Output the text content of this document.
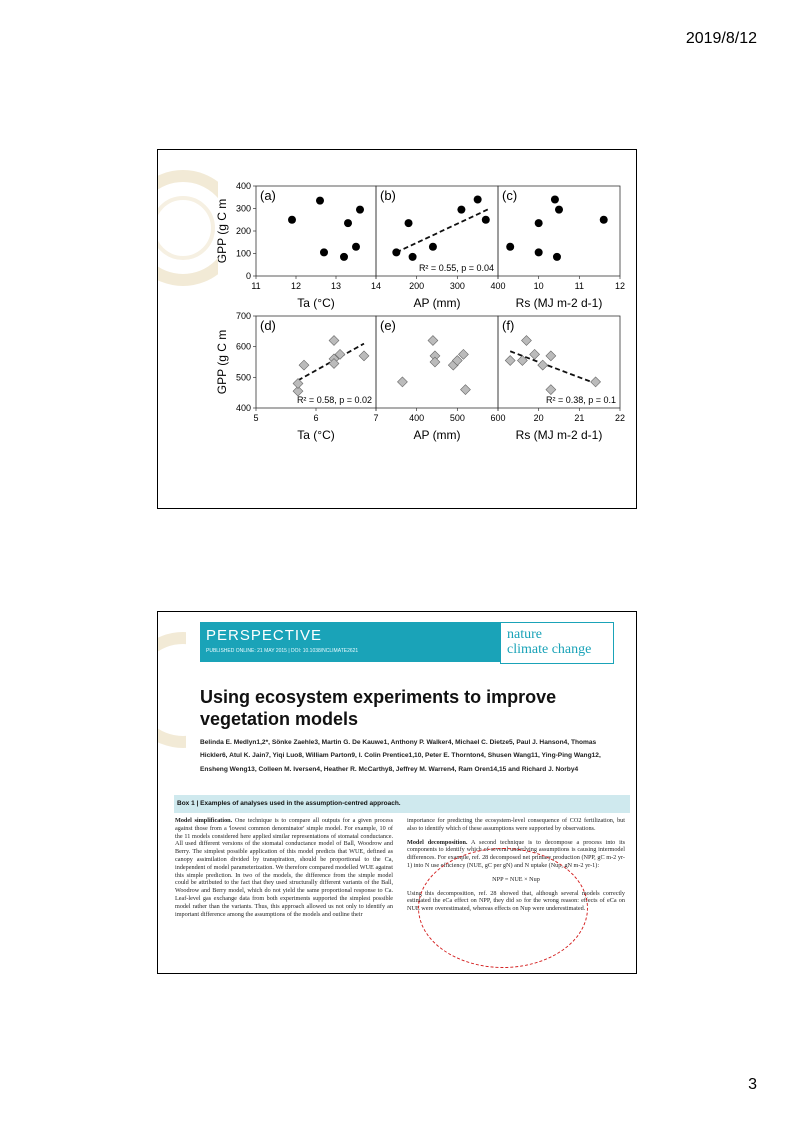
2019/8/12
(a)
11	12	13	14
0
100
200
300
400
Ta (°C)
(b)
200	300	400
R² = 0.55, p = 0.04
AP (mm)
(c)
10	11	12
Rs (MJ m-2 d-1)
(d)
5	6	7
400
500
600
700
R² = 0.58, p = 0.02
Ta (°C)
(e)
400	500	600
AP (mm)
(f)
20	21	22
R² = 0.38, p = 0.1
Rs (MJ m-2 d-1)
GPP (g C m
GPP (g C m
PERSPECTIVE
PUBLISHED ONLINE: 21 MAY 2015 | DOI: 10.1038/NCLIMATE2621
nature
climate change
Using ecosystem experiments to improve vegetation models
Belinda E. Medlyn1,2*, Sönke Zaehle3, Martin G. De Kauwe1, Anthony P. Walker4, Michael C. Dietze5, Paul J. Hanson4, Thomas Hickler6, Atul K. Jain7, Yiqi Luo8, William Parton9, I. Colin Prentice1,10, Peter E. Thornton4, Shusen Wang11, Ying-Ping Wang12, Ensheng Weng13, Colleen M. Iversen4, Heather R. McCarthy8, Jeffrey M. Warren4, Ram Oren14,15 and Richard J. Norby4
Box 1 | Examples of analyses used in the assumption-centred approach.
Model simplification. One technique is to compare all outputs for a given process against those from a 'lowest common denominator' simple model. For example, 10 of the 11 models considered here applied similar representations of stomatal conductance. All used different versions of the stomatal conductance model of Ball, Woodrow and Berry. The simplest possible application of this model predicts that WUE, defined as canopy assimilation divided by transpiration, should be proportional to the Ca, independent of model parameterization. We therefore compared modelled WUE against this simple prediction. In two of the models, the difference from the simple model could be attributed to the fact that they used structurally different variants of the Ball, Woodrow and Berry model, which do not yield the same proportional response to Ca. Leaf-level gas exchange data from both experiments supported the simplest possible model rather than the variants. Thus, this approach allowed us not only to identify an important difference among the assumptions of the models and outline their
importance for predicting the ecosystem-level consequence of CO2 fertilization, but also to identify which of these assumptions were supported by observations.
Model decomposition. A second technique is to decompose a process into its components to identify which of several underlying assumptions is causing intermodel differences. For example, ref. 28 decomposed net primary production (NPP, gC m-2 yr-1) into N use efficiency (NUE, gC per gN) and N uptake (Nup, gN m-2 yr-1):
NPP = NUE × Nup
Using this decomposition, ref. 28 showed that, although several models correctly estimated the eCa effect on NPP, they did so for the wrong reason: effects of eCa on NUE were overestimated, whereas effects on Nup were underestimated.
3
